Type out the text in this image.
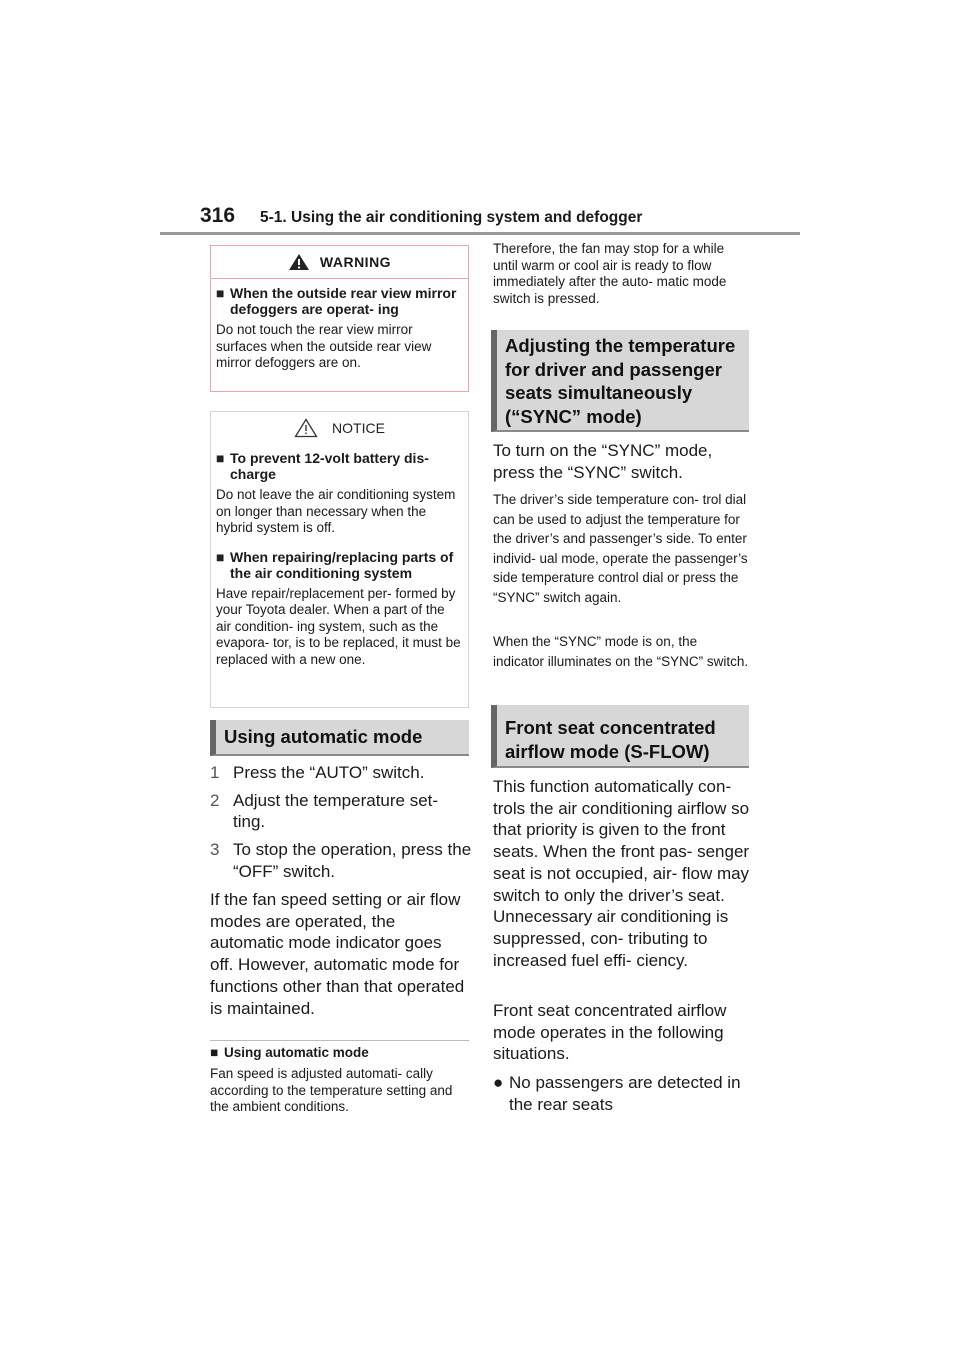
316 5-1. Using the air conditioning system and defogger
WARNING
■ When the outside rear view mirror defoggers are operat- ing
Do not touch the rear view mirror surfaces when the outside rear view mirror defoggers are on.
NOTICE
■ To prevent 12-volt battery dis- charge
Do not leave the air conditioning system on longer than necessary when the hybrid system is off.
■ When repairing/replacing parts of the air conditioning system
Have repair/replacement per- formed by your Toyota dealer. When a part of the air condition- ing system, such as the evapora- tor, is to be replaced, it must be replaced with a new one.
Using automatic mode
1 Press the “AUTO” switch.
2 Adjust the temperature set- ting.
3 To stop the operation, press the “OFF” switch.
If the fan speed setting or air flow modes are operated, the automatic mode indicator goes off. However, automatic mode for functions other than that operated is maintained.
■ Using automatic mode
Fan speed is adjusted automati- cally according to the temperature setting and the ambient conditions.
Therefore, the fan may stop for a while until warm or cool air is ready to flow immediately after the auto- matic mode switch is pressed.
Adjusting the temperature for driver and passenger seats simultaneously (“SYNC” mode)
To turn on the “SYNC” mode, press the “SYNC” switch.
The driver’s side temperature con- trol dial can be used to adjust the temperature for the driver’s and passenger’s side. To enter individ- ual mode, operate the passenger’s side temperature control dial or press the “SYNC” switch again.
When the “SYNC” mode is on, the indicator illuminates on the “SYNC” switch.
Front seat concentrated airflow mode (S-FLOW)
This function automatically con- trols the air conditioning airflow so that priority is given to the front seats. When the front pas- senger seat is not occupied, air- flow may switch to only the driver’s seat. Unnecessary air conditioning is suppressed, con- tributing to increased fuel effi- ciency.
Front seat concentrated airflow mode operates in the following situations.
● No passengers are detected in the rear seats
